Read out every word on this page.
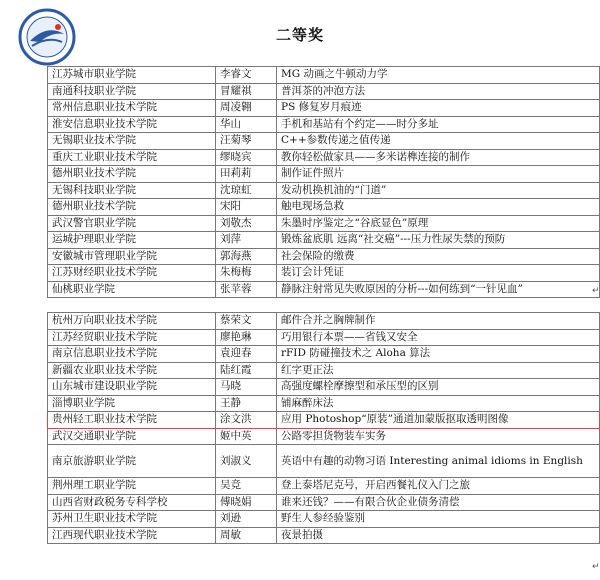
二等奖
江苏城市职业学院	李睿文	MG 动画之牛顿动力学
南通科技职业学院	冒耀祺	普洱茶的冲泡方法
常州信息职业技术学院	周凌翱	PS 修复岁月痕迹
淮安信息职业技术学院	华山	手机和基站有个约定——时分多址
无锡职业技术学院	汪菊琴	C++参数传递之值传递
重庆工业职业技术学院	缪晓宾	教你轻松做家具——多米诺榫连接的制作
德州职业技术学院	田莉莉	制作证件照片
无锡科技职业学院	沈琼虹	发动机换机油的“门道”
德州职业技术学院	宋阳	触电现场急救
武汉警官职业学院	刘敬杰	朱墨时序鉴定之“谷底显色”原理
运城护理职业学院	刘萍	锻炼盆底肌 远离“社交癌”---压力性尿失禁的预防
安徽城市管理职业学院	郭海燕	社会保险的缴费
江苏财经职业技术学院	朱梅梅	装订会计凭证
仙桃职业学院	张苹蓉	静脉注射常见失败原因的分析---如何练到“一针见血”	↵
杭州万向职业技术学院	蔡荣文	邮件合并之胸牌制作
江苏经贸职业技术学院	廖艳琳	巧用银行本票——省钱又安全
南京信息职业技术学院	袁迎春	rFID 防碰撞技术之 Aloha 算法
新疆农业职业技术学院	陆红霞	红字更正法
山东城市建设职业学院	马晓	高强度螺栓摩擦型和承压型的区别
淄博职业学院	王静	铺麻醉床法
贵州轻工职业技术学院	涂文洪	应用 Photoshop“原装”通道加蒙版抠取透明图像
武汉交通职业学院	姬中英	公路零担货物装车实务
南京旅游职业学院	刘淑义	英语中有趣的动物习语 Interesting animal idioms in English
荆州理工职业学院	吴竞	登上泰塔尼克号，开启西餐礼仪入门之旅
山西省财政税务专科学校	傅晓娟	谁来还钱？——有限合伙企业债务清偿
苏州卫生职业技术学院	刘逊	野生人参经验鉴别
江西现代职业技术学院	周敏	夜景拍摄
↵
